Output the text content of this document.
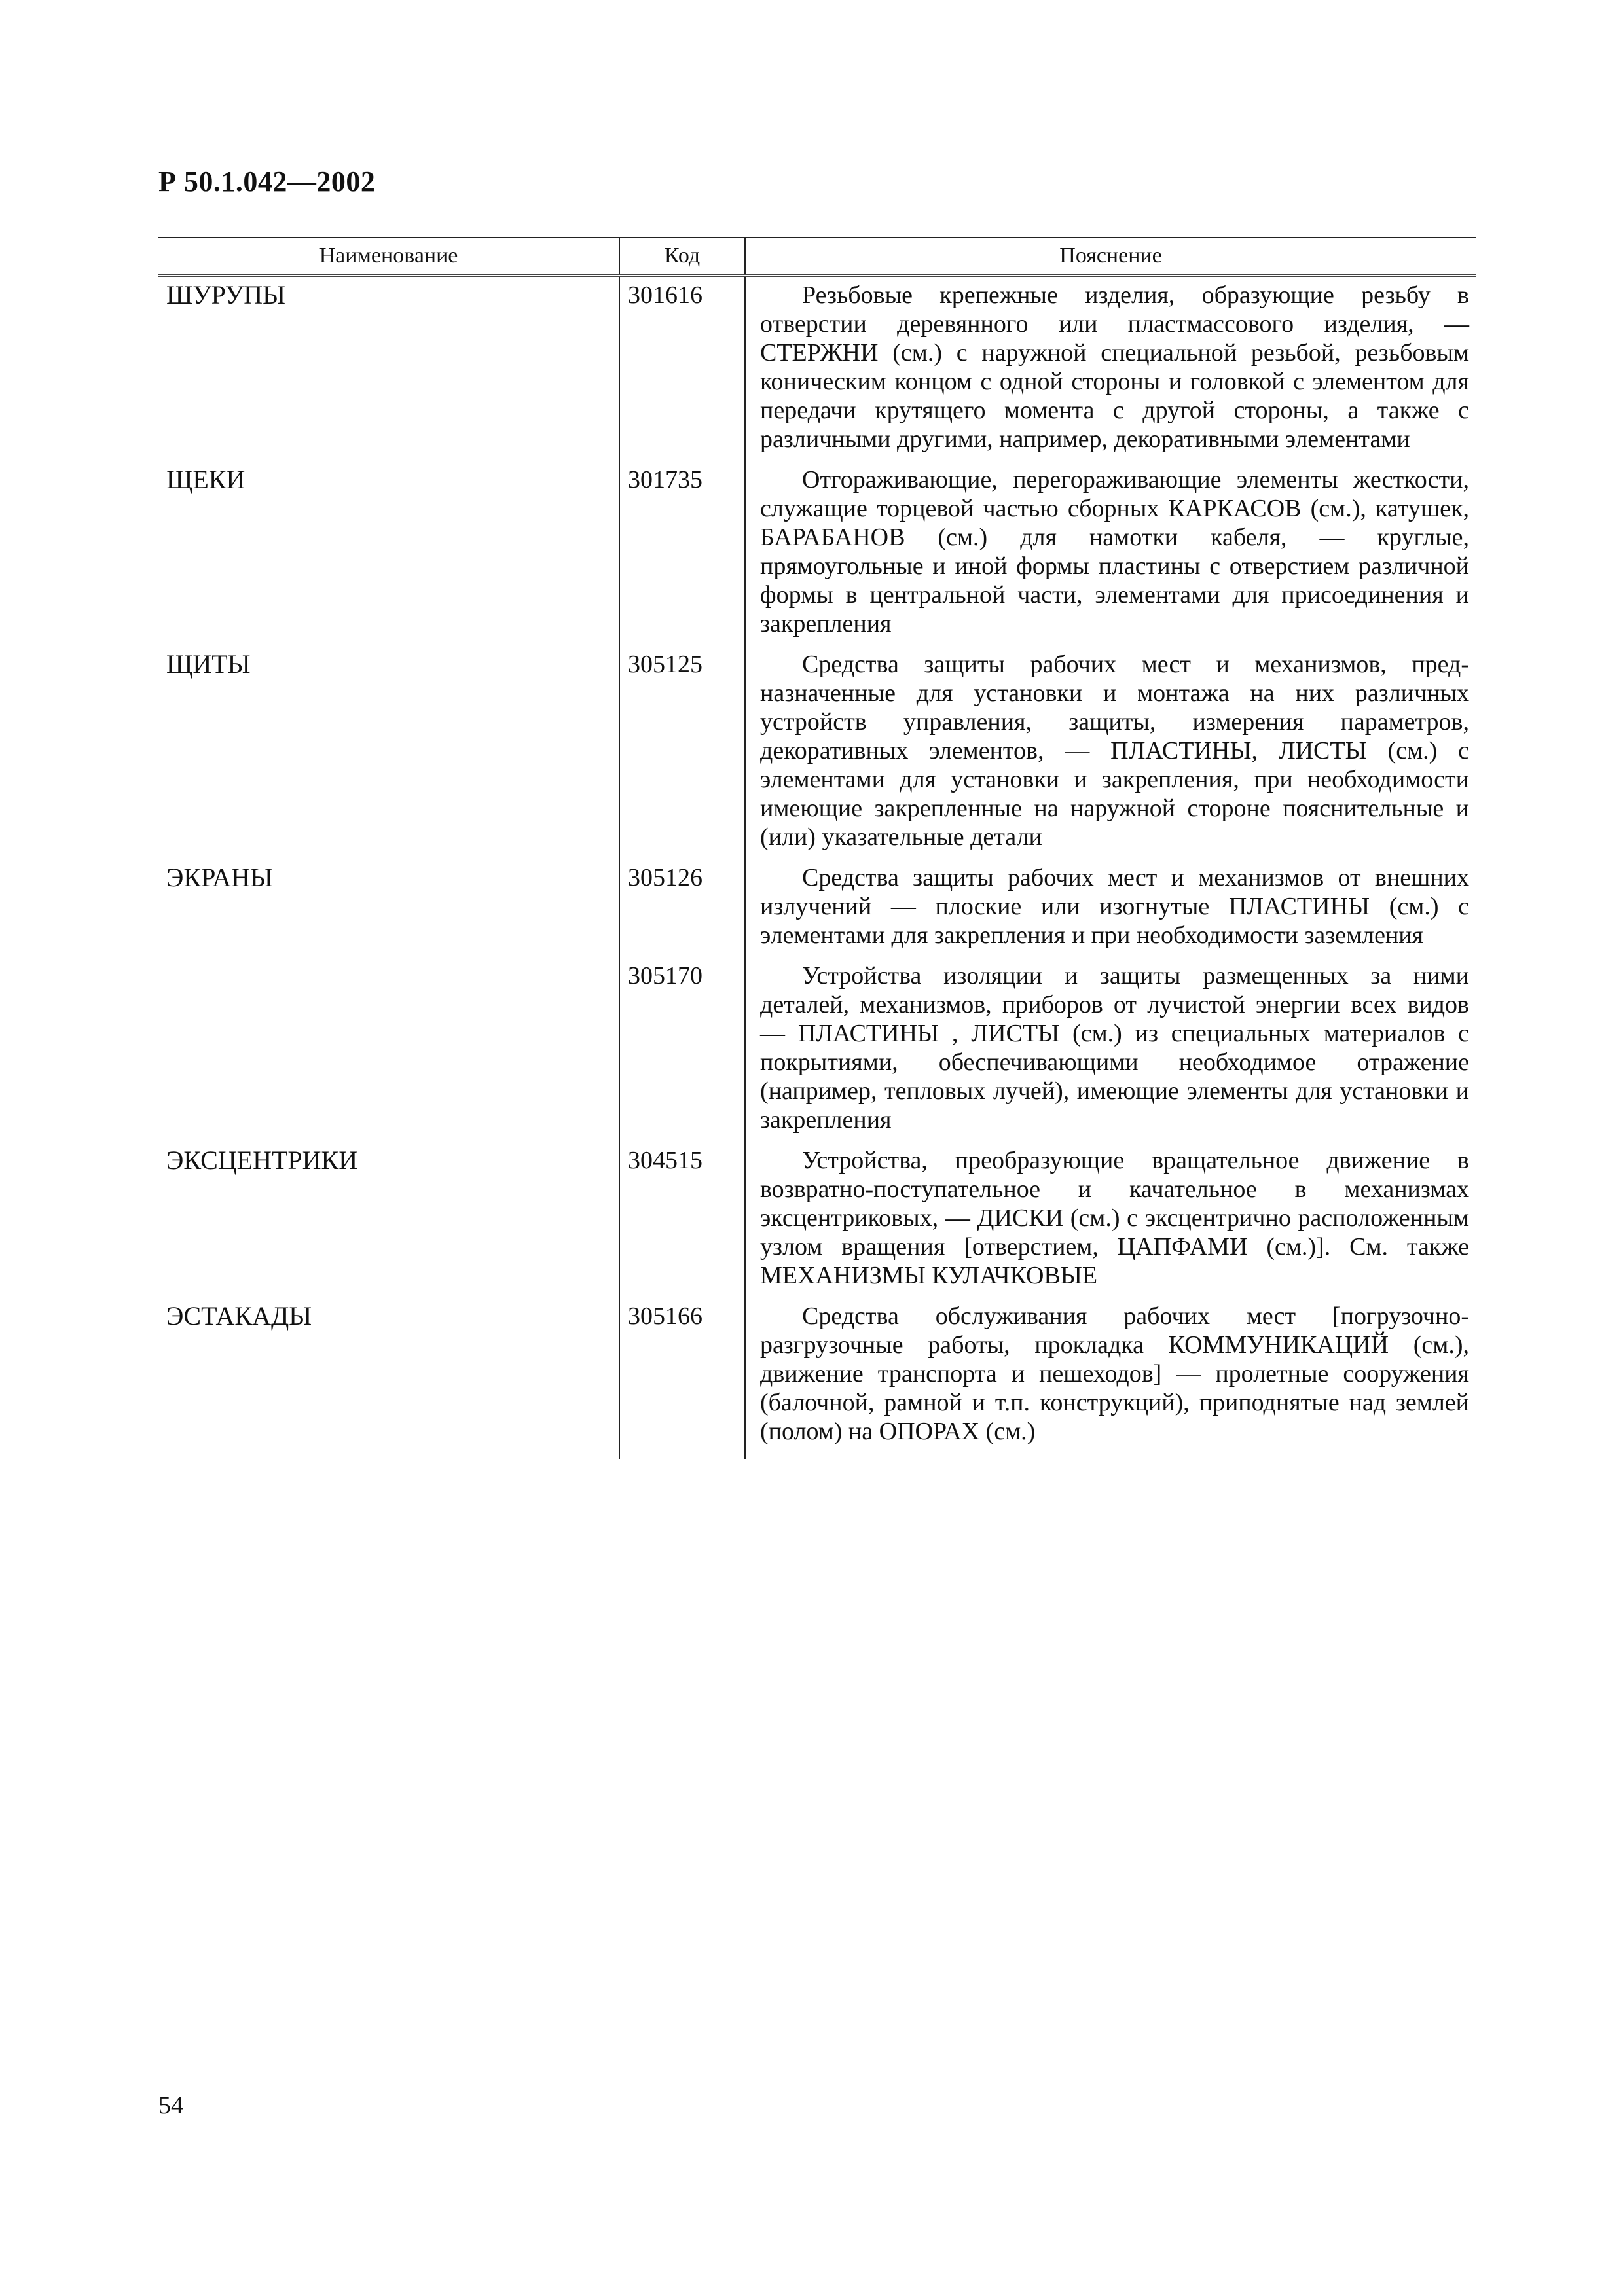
Р 50.1.042—2002
Наименование	Код	Пояснение
ШУРУПЫ	301616	Резьбовые крепежные изделия, образующие резьбу в отверстии деревянного или пластмассового изделия, — СТЕРЖНИ (см.) с наружной специальной резьбой, резьбовым коническим концом с одной стороны и головкой с элементом для передачи крутящего момента с другой стороны, а также с различными другими, например, декоративными элементами
ЩЕКИ	301735	Отгораживающие, перегораживающие элементы жесткости, служащие торцевой частью сборных КАРКАСОВ (см.), катушек, БАРАБАНОВ (см.) для намотки кабеля, — круглые, прямоугольные и иной формы пластины с отверстием различной формы в центральной части, элементами для присоединения и закрепления
ЩИТЫ	305125	Средства защиты рабочих мест и механизмов, предназначенные для установки и монтажа на них различных устройств управления, защиты, измерения параметров, декоративных элементов, — ПЛАСТИНЫ, ЛИСТЫ (см.) с элементами для установки и закрепления, при необходимости имеющие закрепленные на наружной стороне пояснительные и (или) указательные детали
ЭКРАНЫ	305126	Средства защиты рабочих мест и механизмов от внешних излучений — плоские или изогнутые ПЛАСТИНЫ (см.) с элементами для закрепления и при необходимости заземления
	305170	Устройства изоляции и защиты размещенных за ними деталей, механизмов, приборов от лучистой энергии всех видов — ПЛАСТИНЫ , ЛИСТЫ (см.) из специальных материалов с покрытиями, обеспечивающими необходимое отражение (например, тепловых лучей), имеющие элементы для установки и закрепления
ЭКСЦЕНТРИКИ	304515	Устройства, преобразующие вращательное движение в возвратно-поступательное и качательное в механизмах эксцентриковых, — ДИСКИ (см.) с эксцентрично расположенным узлом вращения [отверстием, ЦАПФАМИ (см.)]. См. также МЕХАНИЗМЫ КУЛАЧКОВЫЕ
ЭСТАКАДЫ	305166	Средства обслуживания рабочих мест [погрузочно-разгрузочные работы, прокладка КОММУНИКАЦИЙ (см.), движение транспорта и пешеходов] — пролетные сооружения (балочной, рамной и т.п. конструкций), приподнятые над землей (полом) на ОПОРАХ (см.)
54
